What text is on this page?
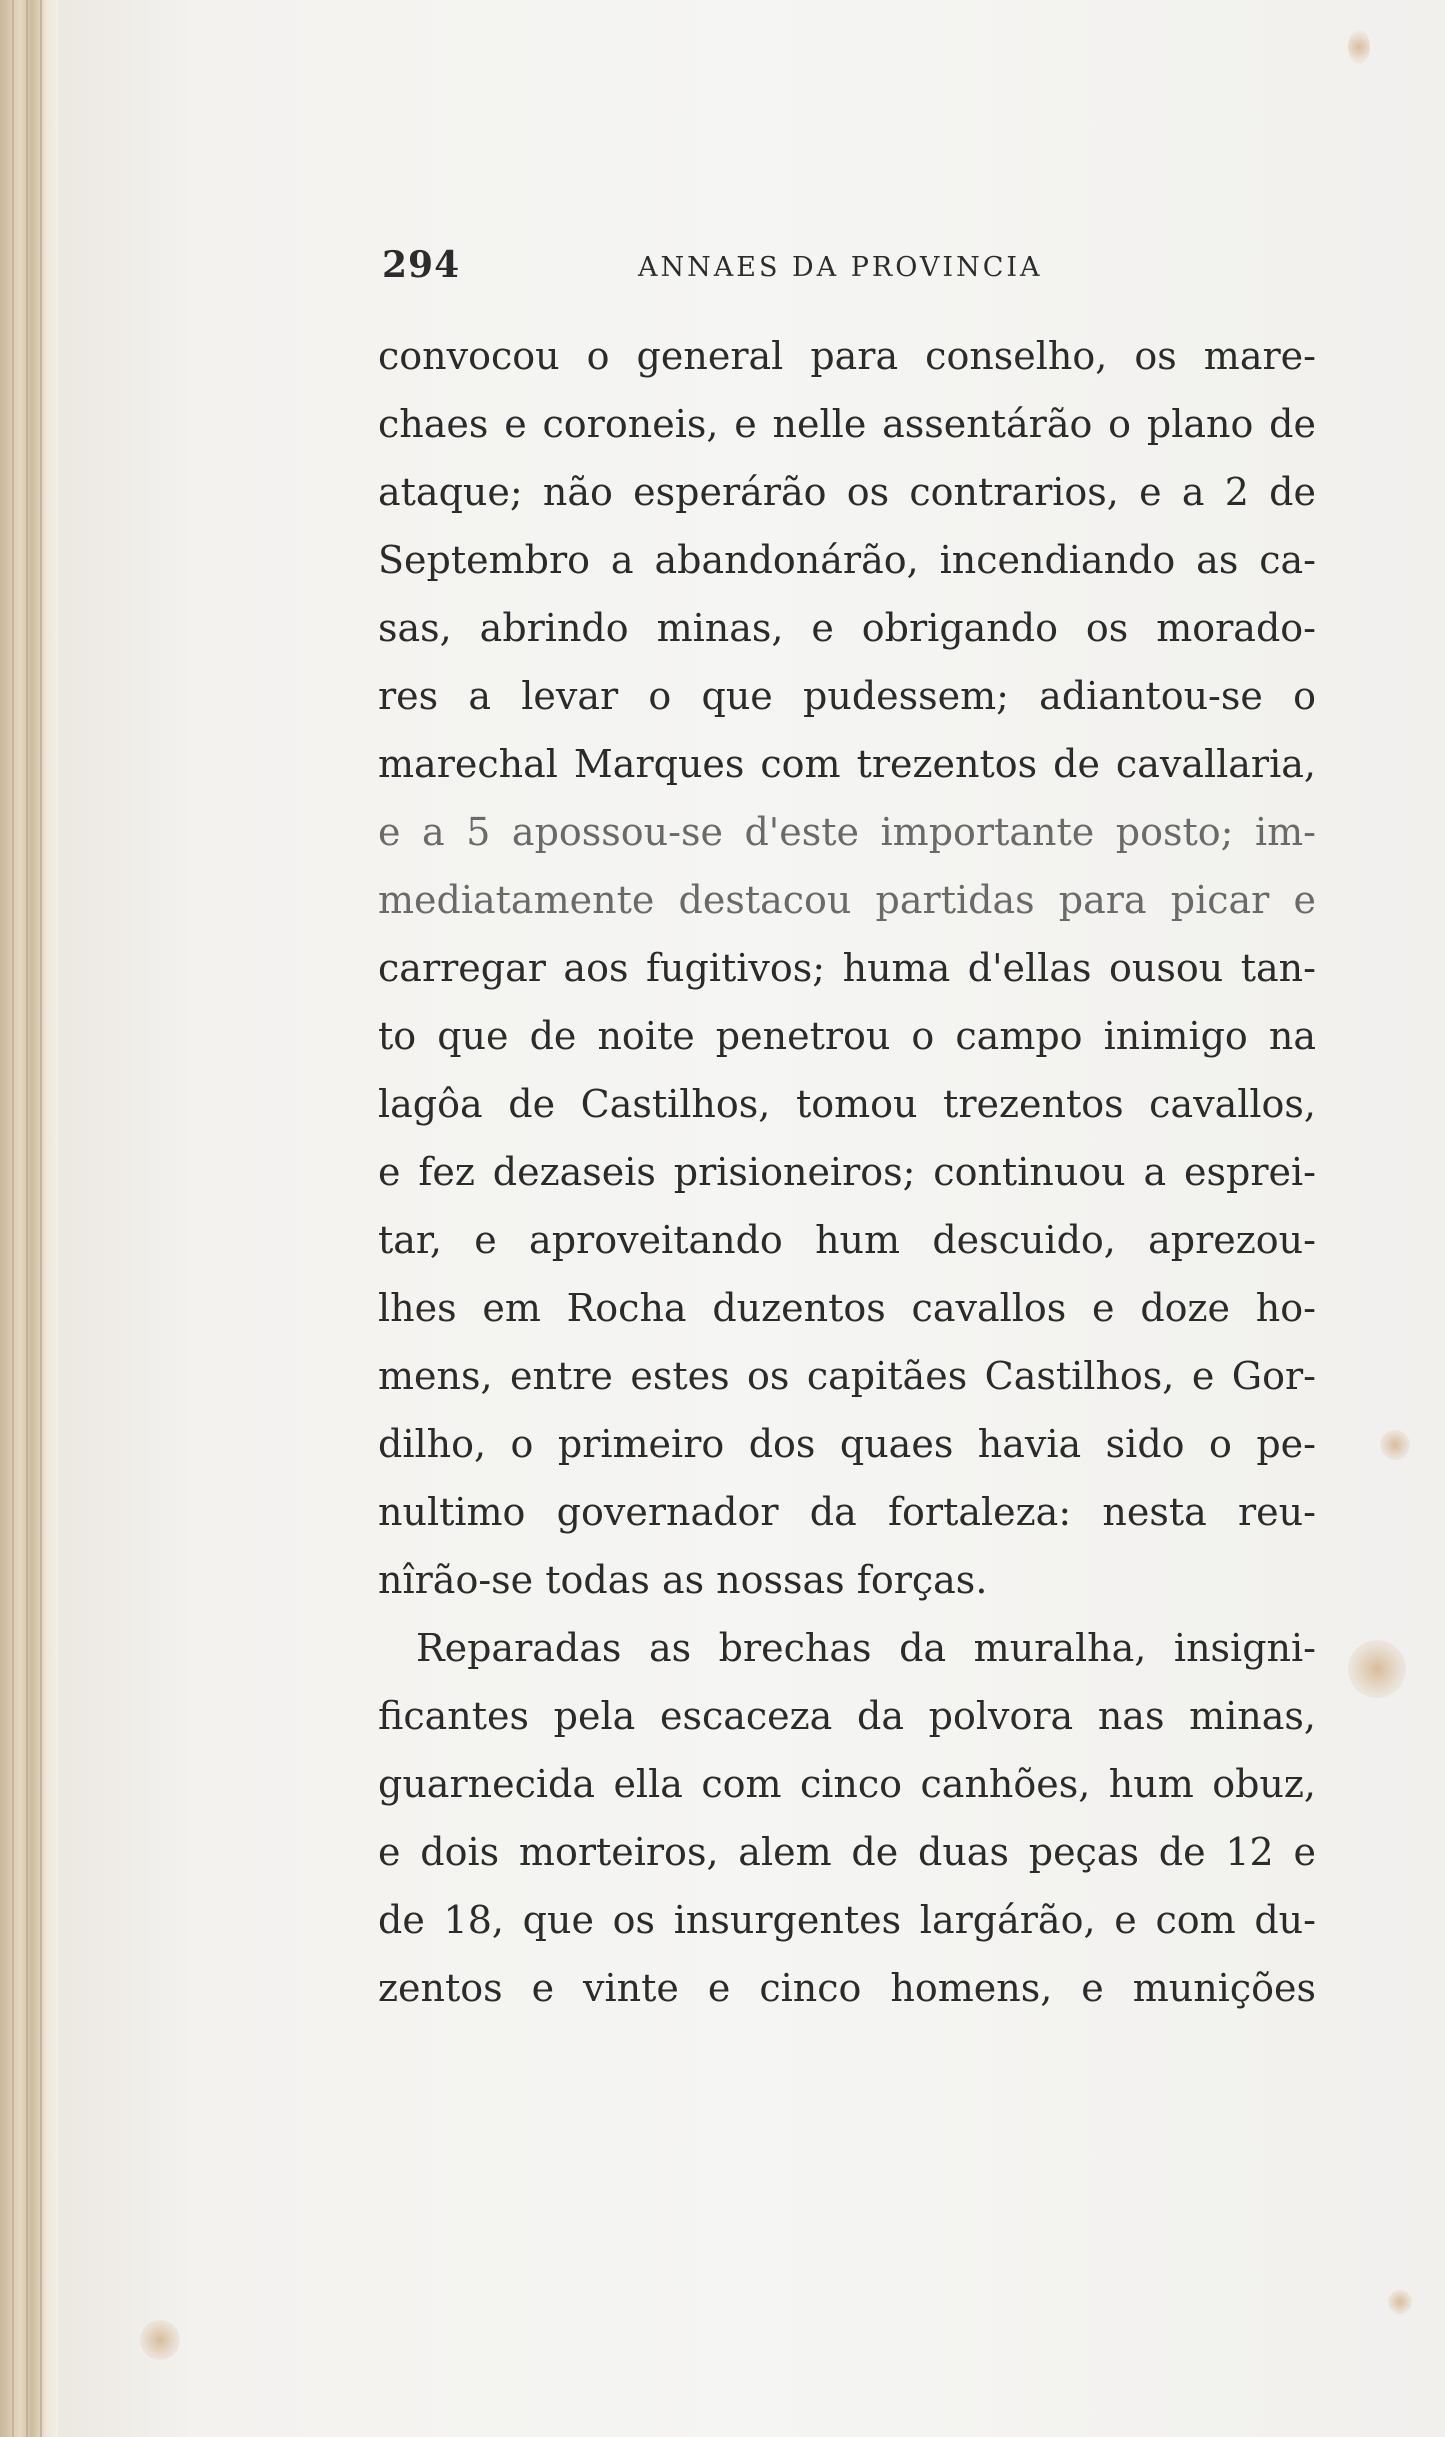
294	ANNAES DA PROVINCIA
convocou o general para conselho, os mare-
chaes e coroneis, e nelle assentárão o plano de
ataque; não esperárão os contrarios, e a 2 de
Septembro a abandonárão, incendiando as ca-
sas, abrindo minas, e obrigando os morado-
res a levar o que pudessem; adiantou-se o
marechal Marques com trezentos de cavallaria,
e a 5 apossou-se d'este importante posto; im-
mediatamente destacou partidas para picar e
carregar aos fugitivos; huma d'ellas ousou tan-
to que de noite penetrou o campo inimigo na
lagôa de Castilhos, tomou trezentos cavallos,
e fez dezaseis prisioneiros; continuou a esprei-
tar, e aproveitando hum descuido, aprezou-
lhes em Rocha duzentos cavallos e doze ho-
mens, entre estes os capitães Castilhos, e Gor-
dilho, o primeiro dos quaes havia sido o pe-
nultimo governador da fortaleza: nesta reu-
nîrão-se todas as nossas forças.
Reparadas as brechas da muralha, insigni-
ficantes pela escaceza da polvora nas minas,
guarnecida ella com cinco canhões, hum obuz,
e dois morteiros, alem de duas peças de 12 e
de 18, que os insurgentes largárão, e com du-
zentos e vinte e cinco homens, e munições
